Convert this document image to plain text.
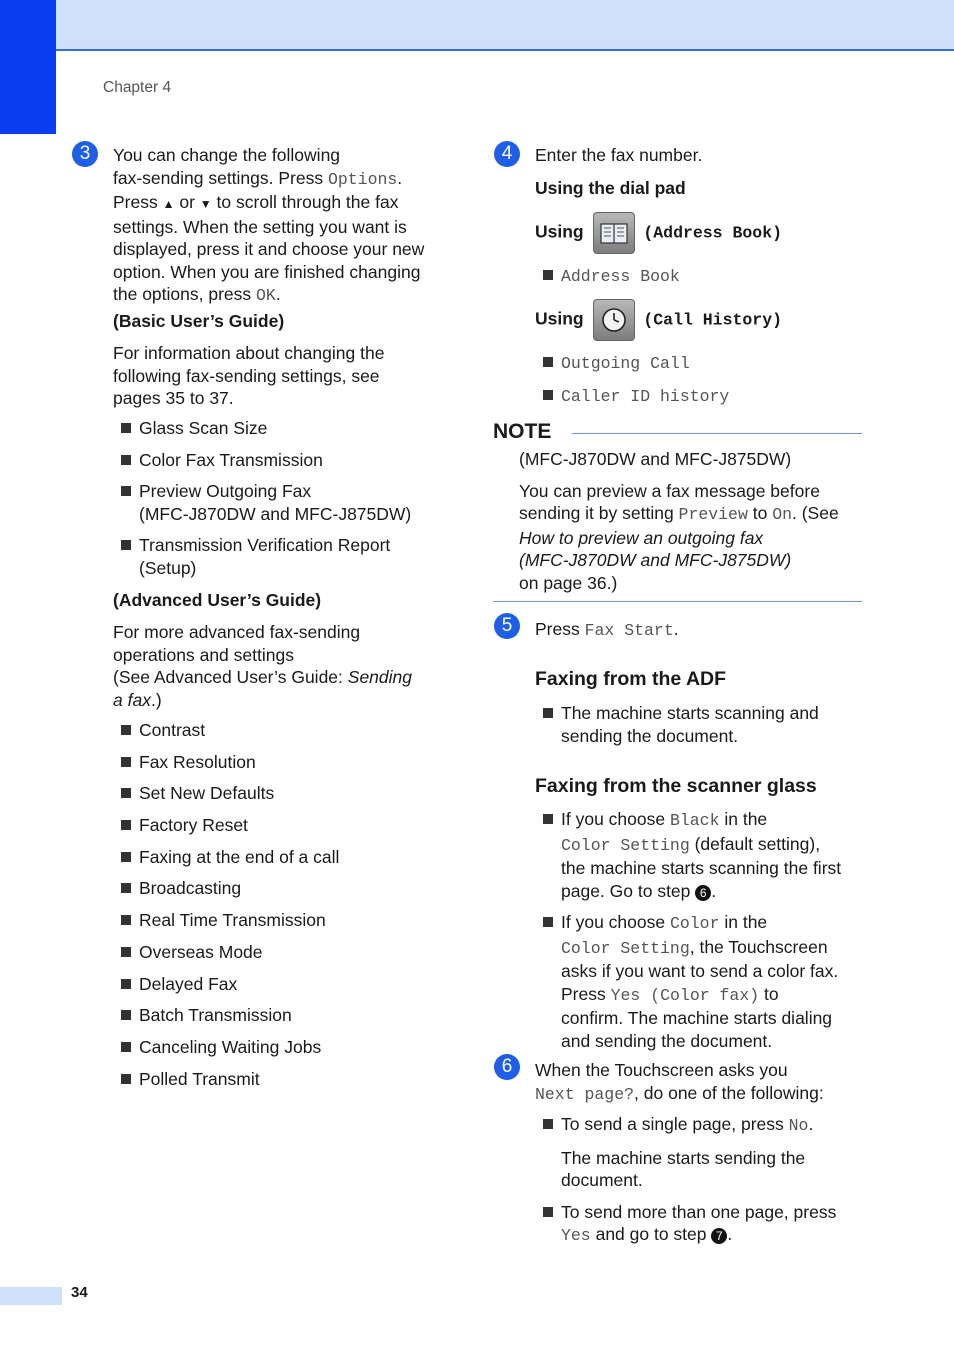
Chapter 4
3	You can change the following
fax-sending settings. Press Options.
Press ▲ or ▼ to scroll through the fax
settings. When the setting you want is
displayed, press it and choose your new
option. When you are finished changing
the options, press OK.
(Basic User’s Guide)
For information about changing the
following fax-sending settings, see
pages 35 to 37.
Glass Scan Size
Color Fax Transmission
Preview Outgoing Fax
(MFC-J870DW and MFC-J875DW)
Transmission Verification Report
(Setup)
(Advanced User’s Guide)
For more advanced fax-sending
operations and settings
(See Advanced User’s Guide: Sending
a fax.)
Contrast
Fax Resolution
Set New Defaults
Factory Reset
Faxing at the end of a call
Broadcasting
Real Time Transmission
Overseas Mode
Delayed Fax
Batch Transmission
Canceling Waiting Jobs
Polled Transmit
4	Enter the fax number.
Using the dial pad
Using	(Address Book)
Address Book
Using	(Call History)
Outgoing Call
Caller ID history
NOTE
(MFC-J870DW and MFC-J875DW)
You can preview a fax message before
sending it by setting Preview to On. (See
How to preview an outgoing fax
(MFC-J870DW and MFC-J875DW)
on page 36.)
5	Press Fax Start.
Faxing from the ADF
The machine starts scanning and
sending the document.
Faxing from the scanner glass
If you choose Black in the
Color Setting (default setting),
the machine starts scanning the first
page. Go to step 6 .
If you choose Color in the
Color Setting, the Touchscreen
asks if you want to send a color fax.
Press Yes (Color fax) to
confirm. The machine starts dialing
and sending the document.
6	When the Touchscreen asks you
Next page?, do one of the following:
To send a single page, press No.
The machine starts sending the
document.
To send more than one page, press
Yes and go to step 7 .
34
